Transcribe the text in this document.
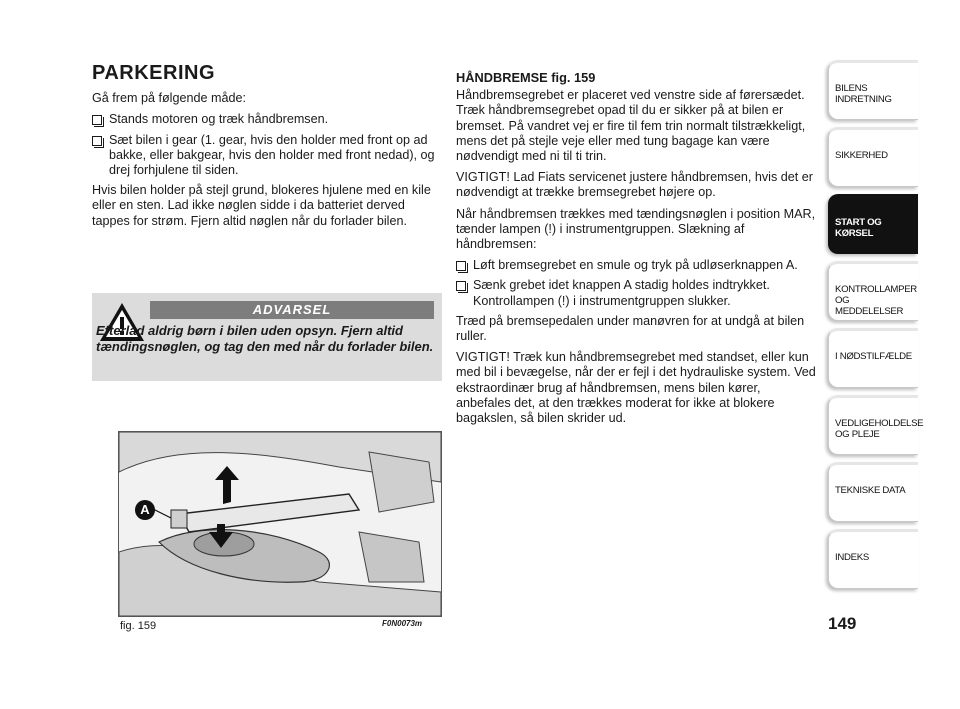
PARKERING

Gå frem på følgende måde:

Stands motoren og træk håndbremsen.
Sæt bilen i gear (1. gear, hvis den holder med front op ad bakke, eller bakgear, hvis den holder med front nedad), og drej forhjulene til siden.

Hvis bilen holder på stejl grund, blokeres hjulene med en kile eller en sten. Lad ikke nøglen sidde i da batteriet derved tappes for strøm. Fjern altid nøglen når du forlader bilen.

ADVARSEL
Efterlad aldrig børn i bilen uden opsyn. Fjern altid tændingsnøglen, og tag den med når du forlader bilen.
A
fig. 159	F0N0073m
HÅNDBREMSE fig. 159

Håndbremsegrebet er placeret ved venstre side af førersædet. Træk håndbremsegrebet opad til du er sikker på at bilen er bremset. På vandret vej er fire til fem trin normalt tilstrækkeligt, mens det på stejle veje eller med tung bagage kan være nødvendigt med ni til ti trin.

VIGTIGT! Lad Fiats servicenet justere håndbremsen, hvis det er nødvendigt at trække bremsegrebet højere op.

Når håndbremsen trækkes med tændingsnøglen i position MAR, tænder lampen (!) i instrumentgruppen. Slækning af håndbremsen:

Løft bremsegrebet en smule og tryk på udløserknappen A.
Sænk grebet idet knappen A stadig holdes indtrykket. Kontrollampen (!) i instrumentgruppen slukker.

Træd på bremsepedalen under manøvren for at undgå at bilen ruller.

VIGTIGT! Træk kun håndbremsegrebet med standset, eller kun med bil i bevægelse, når der er fejl i det hydrauliske system. Ved ekstraordinær brug af håndbremsen, mens bilen kører, anbefales det, at den trækkes moderat for ikke at blokere bagakslen, så bilen skrider ud.

BILENS INDRETNING
SIKKERHED
START OG KØRSEL
KONTROLLAMPER OG MEDDELELSER
I NØDSTILFÆLDE
VEDLIGEHOLDELSE OG PLEJE
TEKNISKE DATA
INDEKS
149
